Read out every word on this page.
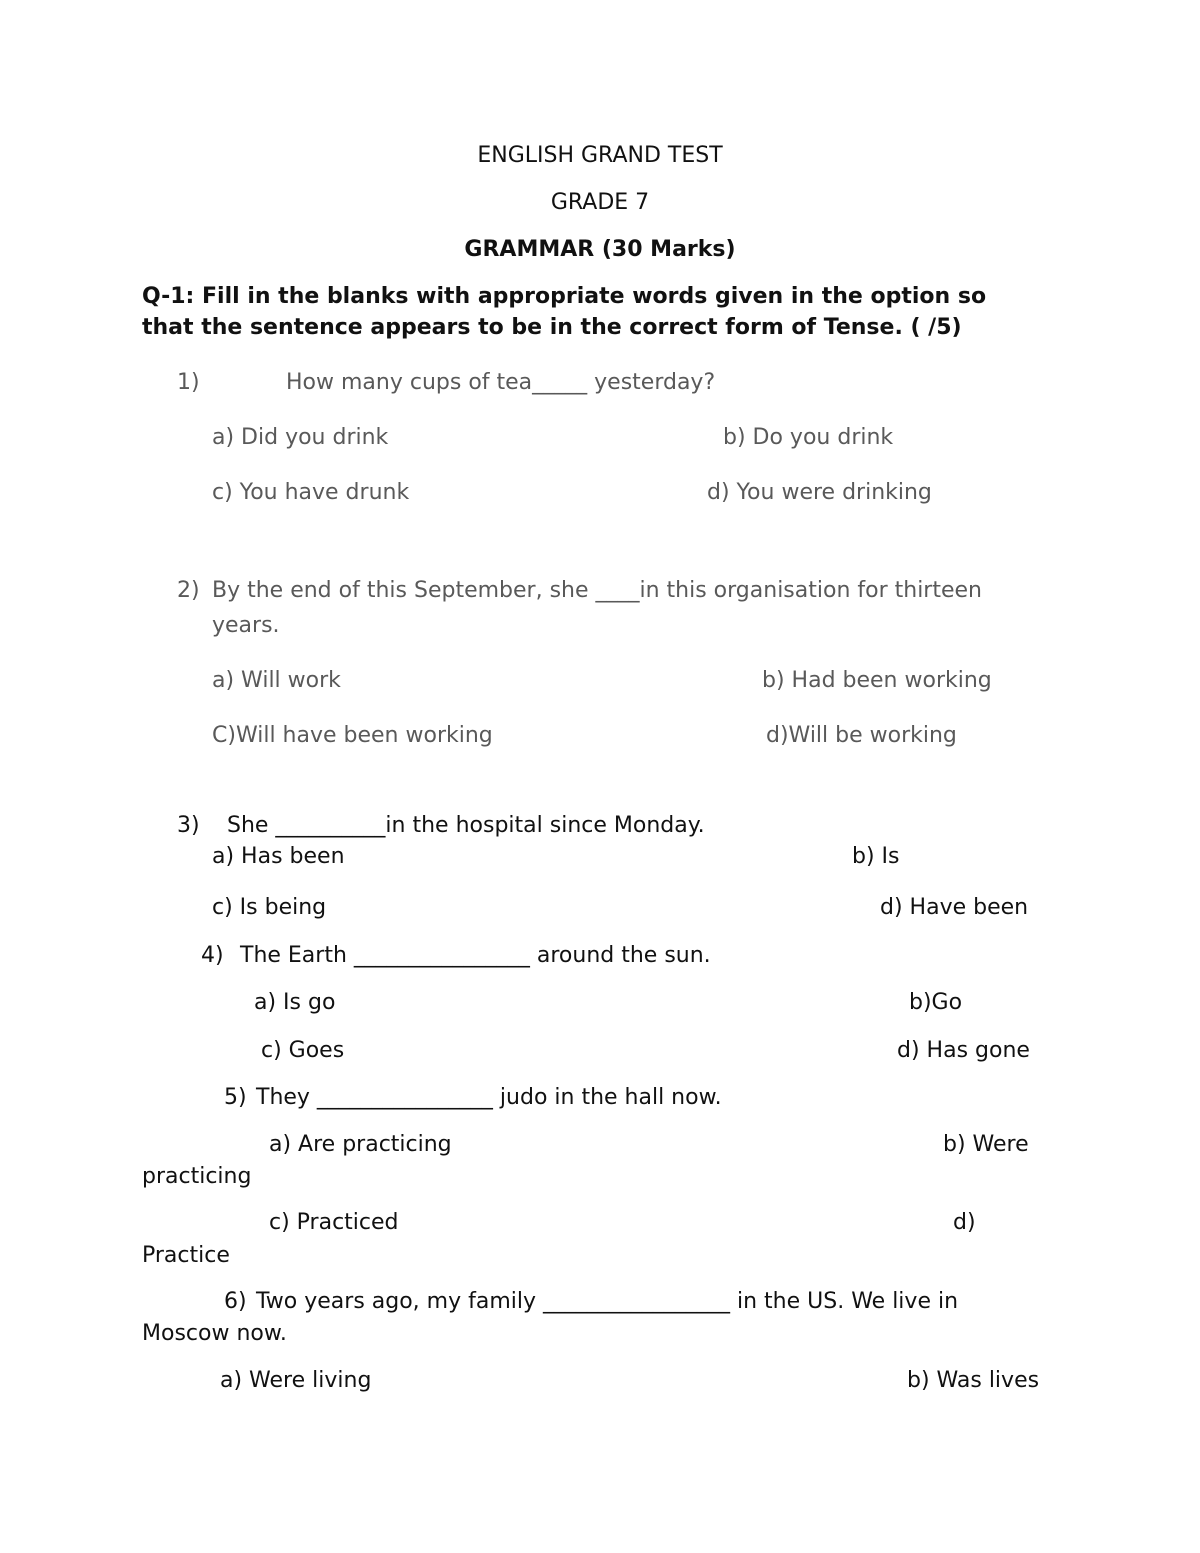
ENGLISH GRAND TEST
GRADE 7
GRAMMAR (30 Marks)
Q-1: Fill in the blanks with appropriate words given in the option so
that the sentence appears to be in the correct form of Tense. ( /5)
1)	How many cups of tea_____ yesterday?
a) Did you drink	b) Do you drink
c) You have drunk	d) You were drinking
2) By the end of this September, she ____in this organisation for thirteen
years.
a) Will work	b) Had been working
C)Will have been working	d)Will be working
3) She __________in the hospital since Monday.
a) Has been	b) Is
c) Is being	d) Have been
4) The Earth ________________ around the sun.
a) Is go	b)Go
c) Goes	d) Has gone
5) They ________________ judo in the hall now.
a) Are practicing	b) Were
practicing
c) Practiced	d)
Practice
6) Two years ago, my family _________________ in the US. We live in
Moscow now.
a) Were living	b) Was lives
